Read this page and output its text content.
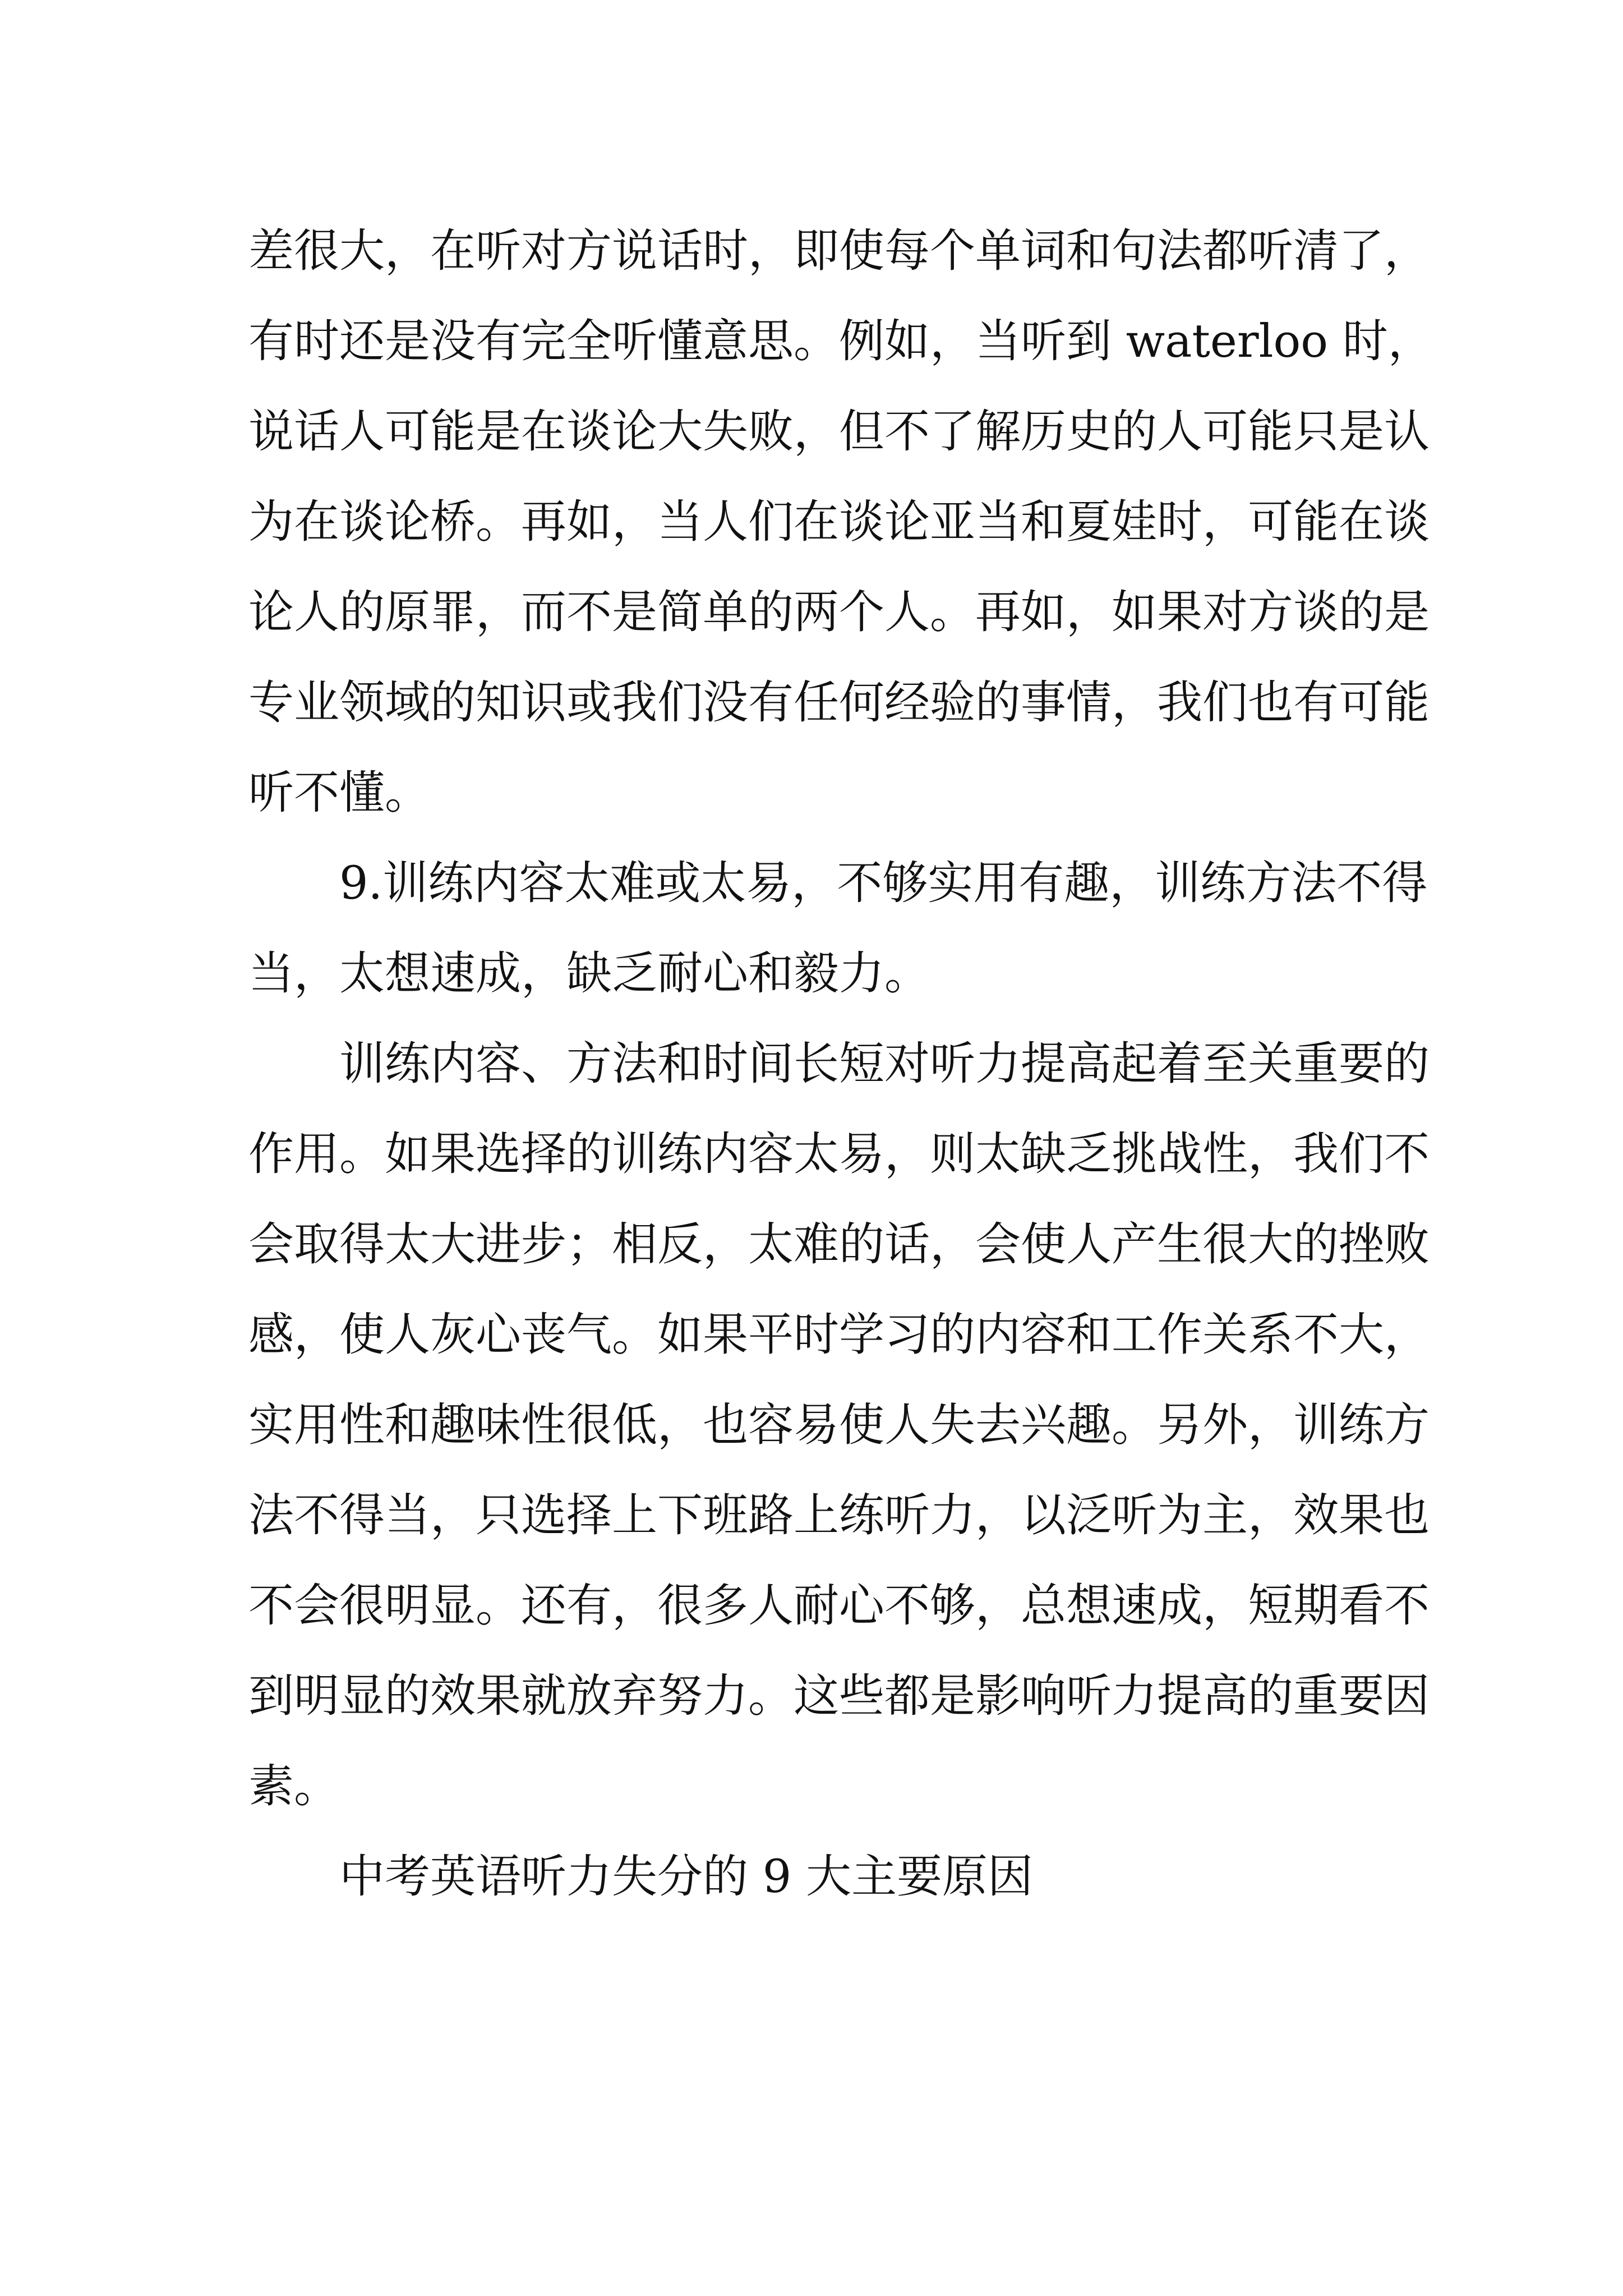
差很大，在听对方说话时，即使每个单词和句法都听清了，
有时还是没有完全听懂意思。例如，当听到 waterloo 时，
说话人可能是在谈论大失败，但不了解历史的人可能只是认
为在谈论桥。再如，当人们在谈论亚当和夏娃时，可能在谈
论人的原罪，而不是简单的两个人。再如，如果对方谈的是
专业领域的知识或我们没有任何经验的事情，我们也有可能
听不懂。
9.训练内容太难或太易，不够实用有趣，训练方法不得
当，太想速成，缺乏耐心和毅力。
训练内容、方法和时间长短对听力提高起着至关重要的
作用。如果选择的训练内容太易，则太缺乏挑战性，我们不
会取得太大进步；相反，太难的话，会使人产生很大的挫败
感，使人灰心丧气。如果平时学习的内容和工作关系不大，
实用性和趣味性很低，也容易使人失去兴趣。另外，训练方
法不得当，只选择上下班路上练听力，以泛听为主，效果也
不会很明显。还有，很多人耐心不够，总想速成，短期看不
到明显的效果就放弃努力。这些都是影响听力提高的重要因
素。
中考英语听力失分的 9 大主要原因
